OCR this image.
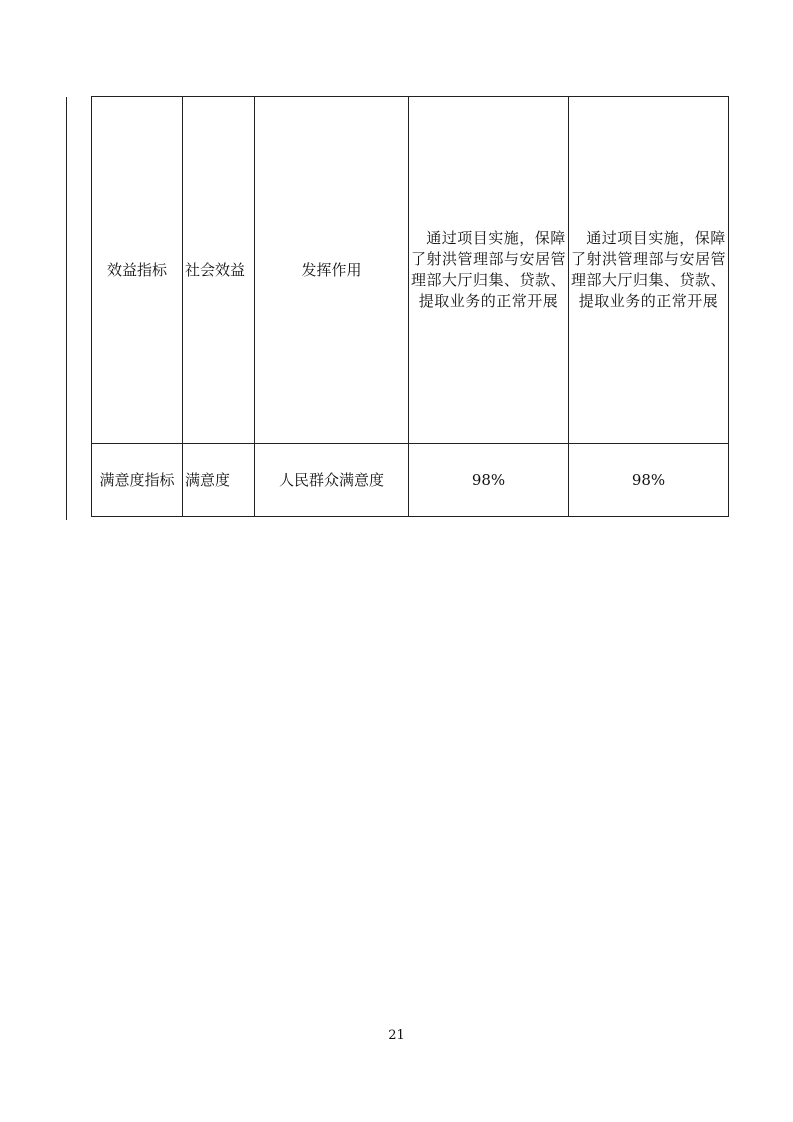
效益指标	社会效益	发挥作用	通过项目实施，保障了射洪管理部与安居管理部大厅归集、贷款、提取业务的正常开展	通过项目实施，保障了射洪管理部与安居管理部大厅归集、贷款、提取业务的正常开展
满意度指标	满意度	人民群众满意度	98%	98%
21
